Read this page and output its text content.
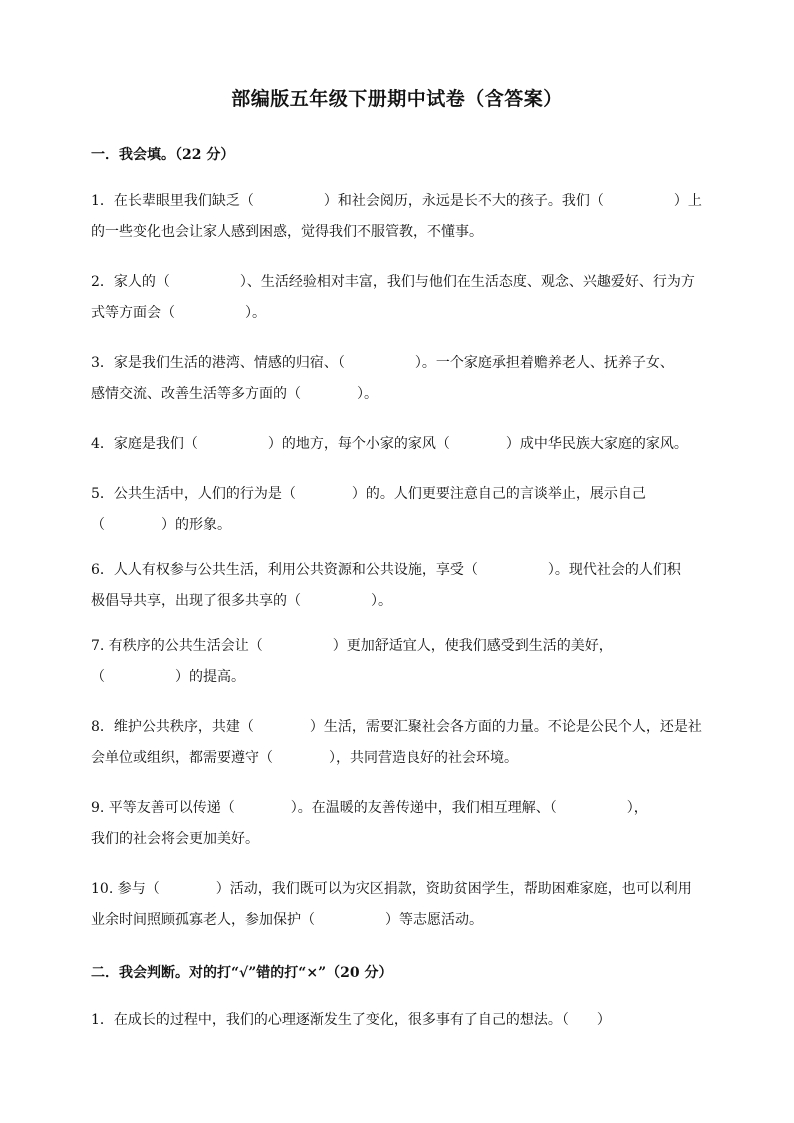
部编版五年级下册期中试卷（含答案）
一．我会填。（22 分）

1．在长辈眼里我们缺乏（　　　　　）和社会阅历，永远是长不大的孩子。我们（　　　　　）上

的一些变化也会让家人感到困惑，觉得我们不服管教，不懂事。

2．家人的（　　　　　）、生活经验相对丰富，我们与他们在生活态度、观念、兴趣爱好、行为方

式等方面会（　　　　　）。

3．家是我们生活的港湾、情感的归宿、（　　　　　）。一个家庭承担着赡养老人、抚养子女、

感情交流、改善生活等多方面的（　　　　）。

4．家庭是我们（　　　　　）的地方，每个小家的家风（　　　　）成中华民族大家庭的家风。

5．公共生活中，人们的行为是（　　　　）的。人们更要注意自己的言谈举止，展示自己

（　　　　）的形象。

6．人人有权参与公共生活，利用公共资源和公共设施，享受（　　　　　）。现代社会的人们积

极倡导共享，出现了很多共享的（　　　　　）。

7. 有秩序的公共生活会让（　　　　　）更加舒适宜人，使我们感受到生活的美好，

（　　　　　）的提高。

8．维护公共秩序，共建（　　　　）生活，需要汇聚社会各方面的力量。不论是公民个人，还是社

会单位或组织，都需要遵守（　　　　），共同营造良好的社会环境。

9. 平等友善可以传递（　　　　）。在温暖的友善传递中，我们相互理解、（　　　　　），

我们的社会将会更加美好。

10. 参与（　　　　）活动，我们既可以为灾区捐款，资助贫困学生，帮助困难家庭，也可以利用

业余时间照顾孤寡老人，参加保护（　　　　　）等志愿活动。

二．我会判断。对的打“√”错的打“×”（20 分）

1．在成长的过程中，我们的心理逐渐发生了变化，很多事有了自己的想法。（　　）
